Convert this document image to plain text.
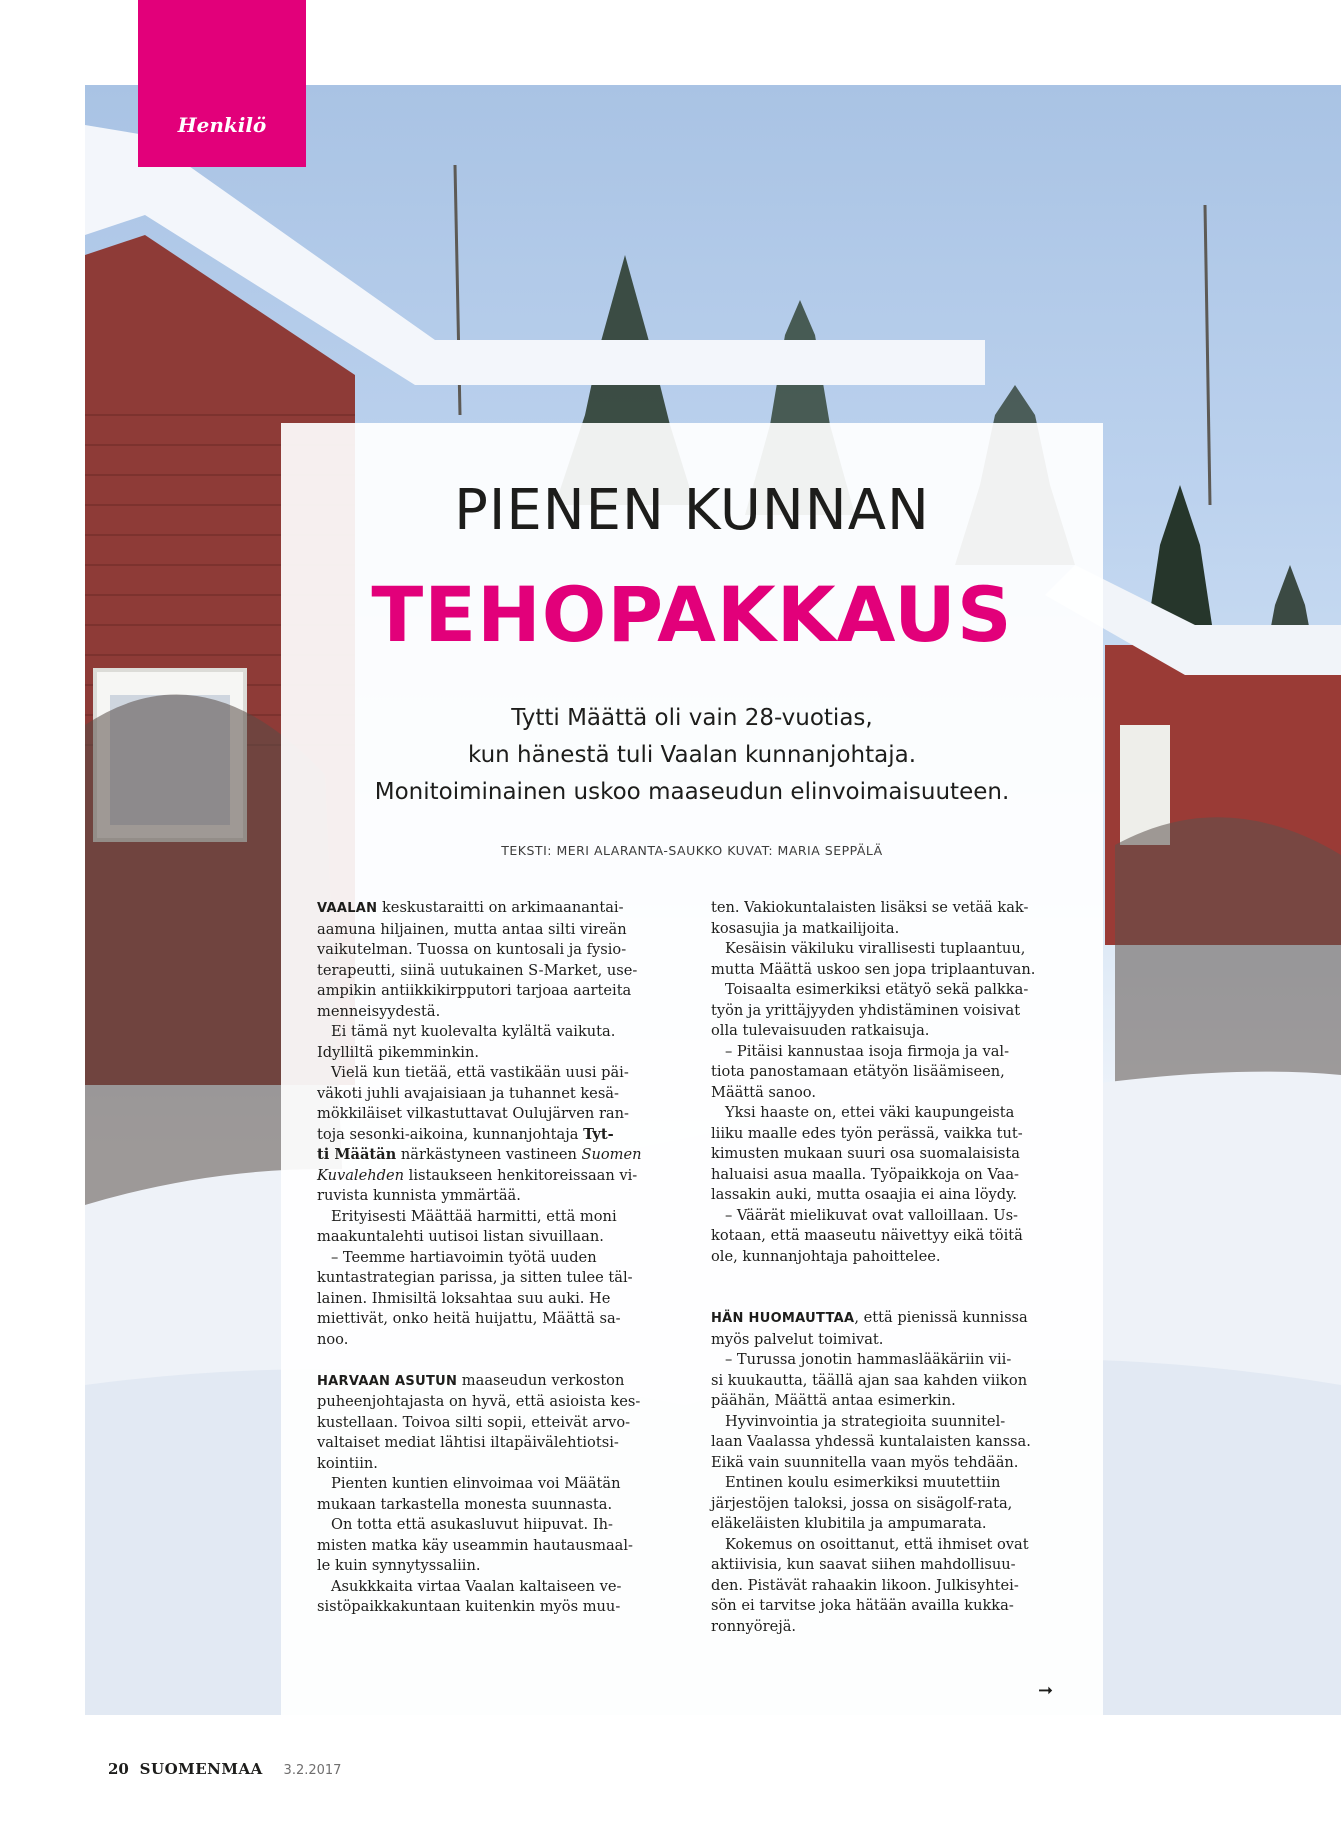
Henkilö
PIENEN KUNNAN
TEHOPAKKAUS
Tytti Määttä oli vain 28-vuotias,
kun hänestä tuli Vaalan kunnanjohtaja.
Monitoiminainen uskoo maaseudun elinvoimaisuuteen.
TEKSTI: MERI ALARANTA-SAUKKO KUVAT: MARIA SEPPÄLÄ
VAALAN keskustaraitti on arkimaanantai-
aamuna hiljainen, mutta antaa silti vireän
vaikutelman. Tuossa on kuntosali ja fysio-
terapeutti, siinä uutukainen S-Market, use-
ampikin antiikkikirpputori tarjoaa aarteita
menneisyydestä.
Ei tämä nyt kuolevalta kylältä vaikuta.
Idylliltä pikemminkin.
Vielä kun tietää, että vastikään uusi päi-
väkoti juhli avajaisiaan ja tuhannet kesä-
mökkiläiset vilkastuttavat Oulujärven ran-
toja sesonki-aikoina, kunnanjohtaja Tyt-
ti Määtän närkästyneen vastineen Suomen
Kuvalehden listaukseen henkitoreissaan vi-
ruvista kunnista ymmärtää.
Erityisesti Määttää harmitti, että moni
maakuntalehti uutisoi listan sivuillaan.
– Teemme hartiavoimin työtä uuden
kuntastrategian parissa, ja sitten tulee täl-
lainen. Ihmisiltä loksahtaa suu auki. He
miettivät, onko heitä huijattu, Määttä sa-
noo.
HARVAAN ASUTUN maaseudun verkoston
puheenjohtajasta on hyvä, että asioista kes-
kustellaan. Toivoa silti sopii, etteivät arvo-
valtaiset mediat lähtisi iltapäivälehtiotsi-
kointiin.
Pienten kuntien elinvoimaa voi Määtän
mukaan tarkastella monesta suunnasta.
On totta että asukasluvut hiipuvat. Ih-
misten matka käy useammin hautausmaal-
le kuin synnytyssaliin.
Asukkkaita virtaa Vaalan kaltaiseen ve-
sistöpaikkakuntaan kuitenkin myös muu-
ten. Vakiokuntalaisten lisäksi se vetää kak-
kosasujia ja matkailijoita.
Kesäisin väkiluku virallisesti tuplaantuu,
mutta Määttä uskoo sen jopa triplaantuvan.
Toisaalta esimerkiksi etätyö sekä palkka-
työn ja yrittäjyyden yhdistäminen voisivat
olla tulevaisuuden ratkaisuja.
– Pitäisi kannustaa isoja firmoja ja val-
tiota panostamaan etätyön lisäämiseen,
Määttä sanoo.
Yksi haaste on, ettei väki kaupungeista
liiku maalle edes työn perässä, vaikka tut-
kimusten mukaan suuri osa suomalaisista
haluaisi asua maalla. Työpaikkoja on Vaa-
lassakin auki, mutta osaajia ei aina löydy.
– Väärät mielikuvat ovat valloillaan. Us-
kotaan, että maaseutu näivettyy eikä töitä
ole, kunnanjohtaja pahoittelee.
HÄN HUOMAUTTAA, että pienissä kunnissa
myös palvelut toimivat.
– Turussa jonotin hammaslääkäriin vii-
si kuukautta, täällä ajan saa kahden viikon
päähän, Määttä antaa esimerkin.
Hyvinvointia ja strategioita suunnitel-
laan Vaalassa yhdessä kuntalaisten kanssa.
Eikä vain suunnitella vaan myös tehdään.
Entinen koulu esimerkiksi muutettiin
järjestöjen taloksi, jossa on sisägolf-rata,
eläkeläisten klubitila ja ampumarata.
Kokemus on osoittanut, että ihmiset ovat
aktiivisia, kun saavat siihen mahdollisuu-
den. Pistävät rahaakin likoon. Julkisyhtei-
sön ei tarvitse joka hätään availla kukka-
ronnyörejä.
➞
20 SUOMENMAA 3.2.2017
